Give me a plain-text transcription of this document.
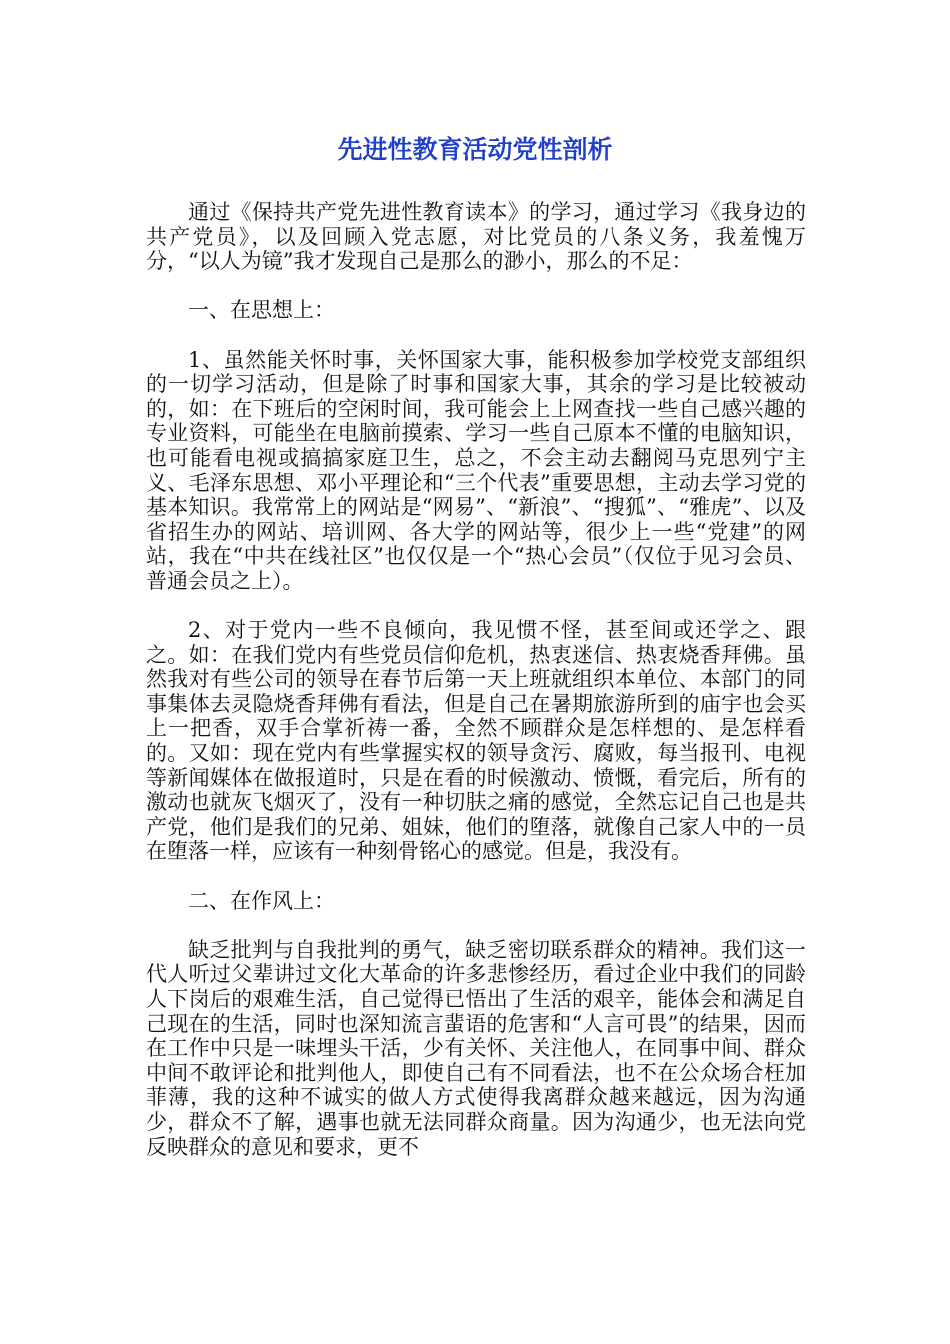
先进性教育活动党性剖析

通过《保持共产党先进性教育读本》的学习，通过学习《我身边的共产党员》，以及回顾入党志愿，对比党员的八条义务，我羞愧万分，“以人为镜”我才发现自己是那么的渺小，那么的不足：

一、在思想上：

1、虽然能关怀时事，关怀国家大事，能积极参加学校党支部组织的一切学习活动，但是除了时事和国家大事，其余的学习是比较被动的，如：在下班后的空闲时间，我可能会上上网查找一些自己感兴趣的专业资料，可能坐在电脑前摸索、学习一些自己原本不懂的电脑知识，也可能看电视或搞搞家庭卫生，总之，不会主动去翻阅马克思列宁主义、毛泽东思想、邓小平理论和“三个代表”重要思想，主动去学习党的基本知识。我常常上的网站是“网易”、“新浪”、“搜狐”、“雅虎”、以及省招生办的网站、培训网、各大学的网站等，很少上一些“党建”的网站，我在“中共在线社区”也仅仅是一个“热心会员”（仅位于见习会员、普通会员之上）。

2、对于党内一些不良倾向，我见惯不怪，甚至间或还学之、跟之。如：在我们党内有些党员信仰危机，热衷迷信、热衷烧香拜佛。虽然我对有些公司的领导在春节后第一天上班就组织本单位、本部门的同事集体去灵隐烧香拜佛有看法，但是自己在暑期旅游所到的庙宇也会买上一把香，双手合掌祈祷一番，全然不顾群众是怎样想的、是怎样看的。又如：现在党内有些掌握实权的领导贪污、腐败，每当报刊、电视等新闻媒体在做报道时，只是在看的时候激动、愤慨，看完后，所有的激动也就灰飞烟灭了，没有一种切肤之痛的感觉，全然忘记自己也是共产党，他们是我们的兄弟、姐妹，他们的堕落，就像自己家人中的一员在堕落一样，应该有一种刻骨铭心的感觉。但是，我没有。

二、在作风上：

缺乏批判与自我批判的勇气，缺乏密切联系群众的精神。我们这一代人听过父辈讲过文化大革命的许多悲惨经历，看过企业中我们的同龄人下岗后的艰难生活，自己觉得已悟出了生活的艰辛，能体会和满足自己现在的生活，同时也深知流言蜚语的危害和“人言可畏”的结果，因而在工作中只是一味埋头干活，少有关怀、关注他人，在同事中间、群众中间不敢评论和批判他人，即使自己有不同看法，也不在公众场合枉加菲薄，我的这种不诚实的做人方式使得我离群众越来越远，因为沟通少，群众不了解，遇事也就无法同群众商量。因为沟通少，也无法向党反映群众的意见和要求，更不
